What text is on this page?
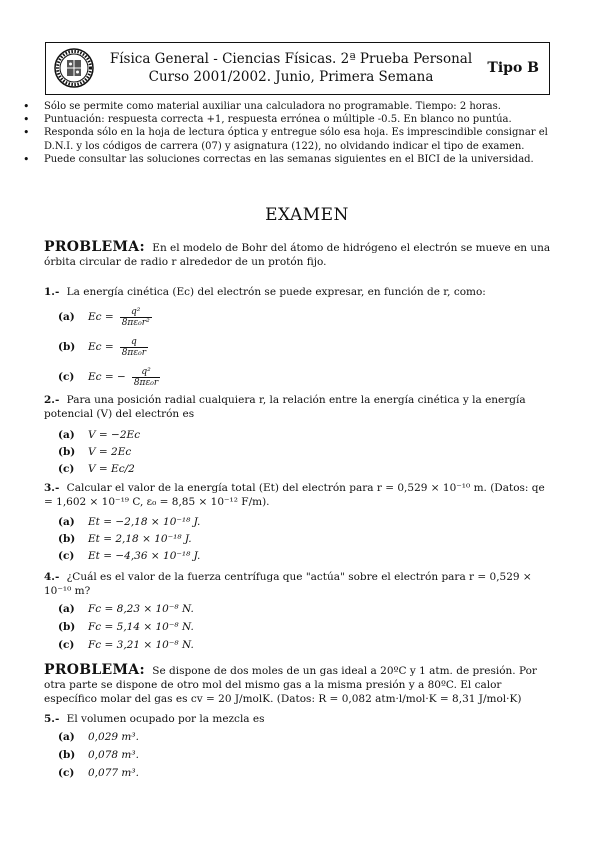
Física General - Ciencias Físicas. 2ª Prueba Personal
Curso 2001/2002. Junio, Primera Semana
Tipo B
• Sólo se permite como material auxiliar una calculadora no programable. Tiempo: 2 horas.
• Puntuación: respuesta correcta +1, respuesta errónea o múltiple -0.5. En blanco no puntúa.
• Responda sólo en la hoja de lectura óptica y entregue sólo esa hoja. Es imprescindible consignar el D.N.I. y los códigos de carrera (07) y asignatura (122), no olvidando indicar el tipo de examen.
• Puede consultar las soluciones correctas en las semanas siguientes en el BICI de la universidad.
EXAMEN
PROBLEMA: En el modelo de Bohr del átomo de hidrógeno el electrón se mueve en una órbita circular de radio r alrededor de un protón fijo.
1.- La energía cinética (Ec) del electrón se puede expresar, en función de r, como:
(a)	$Ec = \frac{\text{q²}}{\text{8πε₀r²}}$
(b)	$Ec = \frac{q}{\text{8πε₀r}}$
(c)	Ec = − $\frac{\text{q²}}{\text{8πε₀r}}$
2.- Para una posición radial cualquiera r, la relación entre la energía cinética y la energía potencial (V) del electrón es
(a)	V = −2Ec
(b)	V = 2Ec
(c)	V = Ec/2
3.- Calcular el valor de la energía total (Et) del electrón para r = 0,529 × 10⁻¹⁰ m. (Datos: qe = 1,602 × 10⁻¹⁹ C, ε₀ = 8,85 × 10⁻¹² F/m).
(a)	Et = −2,18 × 10⁻¹⁸ J.
(b)	Et = 2,18 × 10⁻¹⁸ J.
(c)	Et = −4,36 × 10⁻¹⁸ J.
4.- ¿Cuál es el valor de la fuerza centrífuga que "actúa" sobre el electrón para r = 0,529 × 10⁻¹⁰ m?
(a)	Fc = 8,23 × 10⁻⁸ N.
(b)	Fc = 5,14 × 10⁻⁸ N.
(c)	Fc = 3,21 × 10⁻⁸ N.
PROBLEMA: Se dispone de dos moles de un gas ideal a 20ºC y 1 atm. de presión. Por otra parte se dispone de otro mol del mismo gas a la misma presión y a 80ºC. El calor específico molar del gas es cv = 20 J/molK. (Datos: R = 0,082 atm·l/mol·K = 8,31 J/mol·K)
5.- El volumen ocupado por la mezcla es
(a)	0,029 m³.
(b)	0,078 m³.
(c)	0,077 m³.
